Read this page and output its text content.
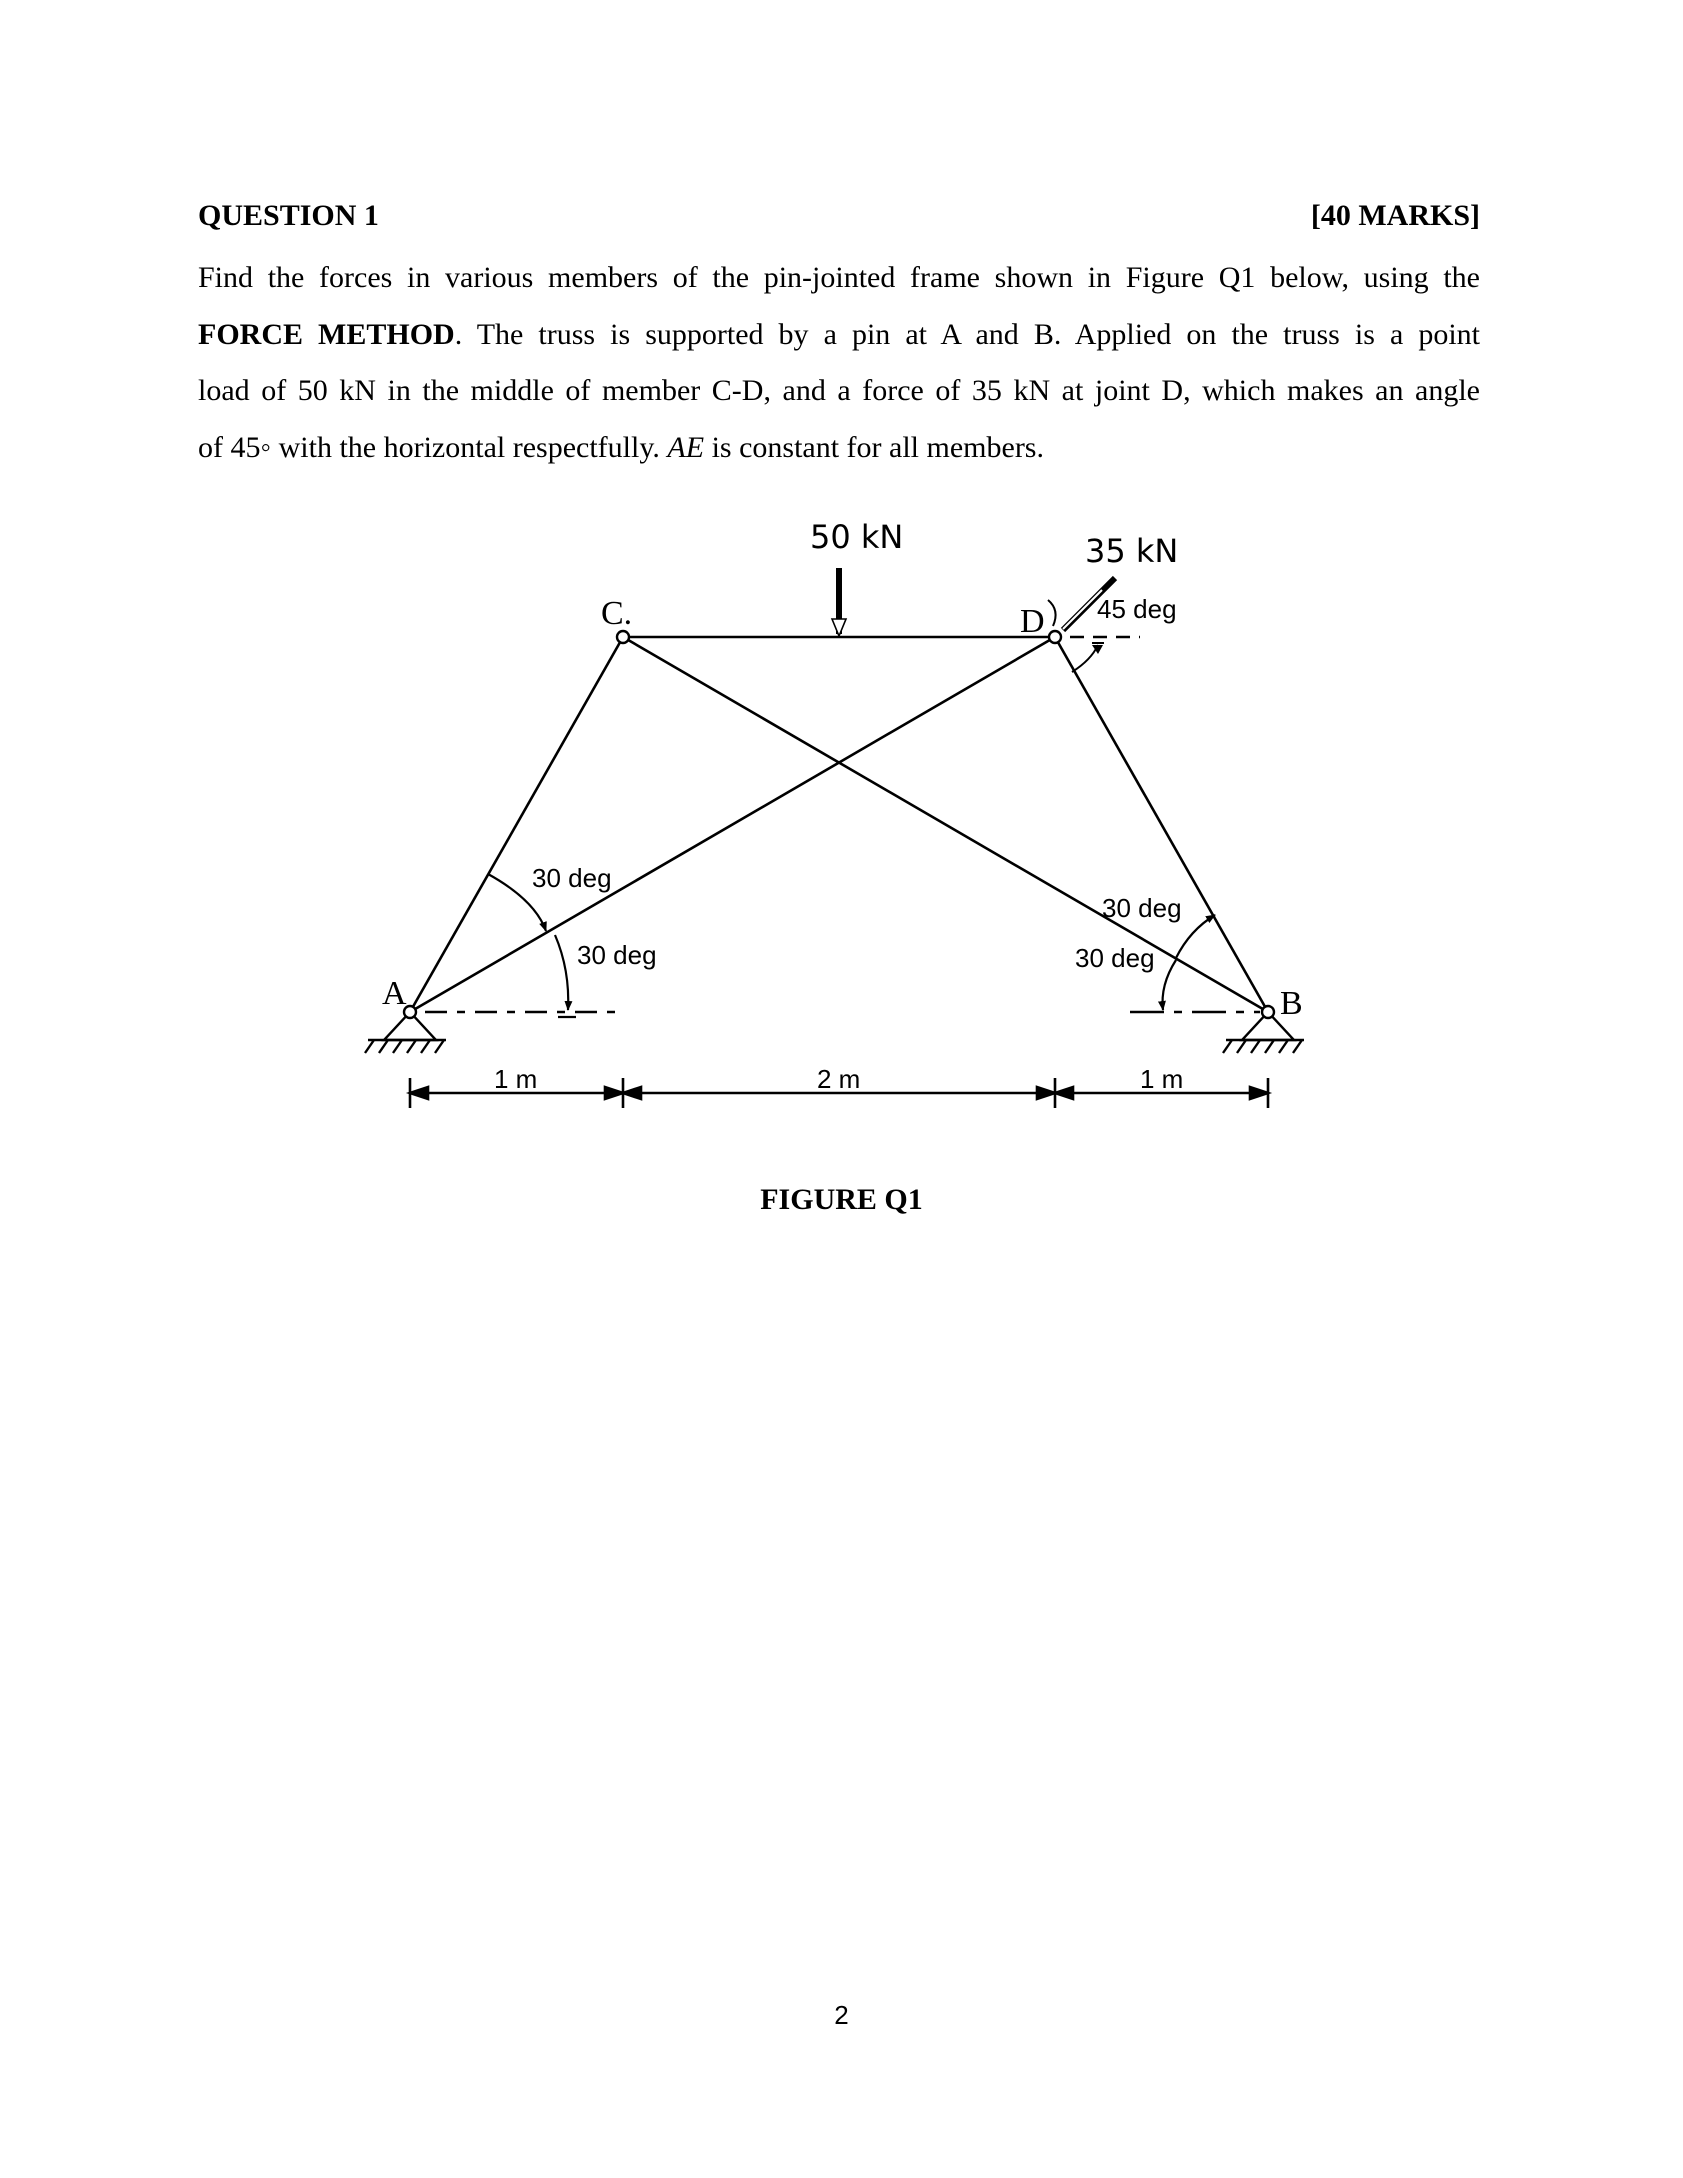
QUESTION 1	[40 MARKS]
Find the forces in various members of the pin-jointed frame shown in Figure Q1 below, using the
FORCE METHOD. The truss is supported by a pin at A and B. Applied on the truss is a point
load of 50 kN in the middle of member C-D, and a force of 35 kN at joint D, which makes an angle
of 45◦ with the horizontal respectfully. AE is constant for all members.
A	B
C.	D
50 kN	35 kN
45 deg
30 deg
30 deg
30 deg
30 deg
1 m	2 m	1 m
FIGURE Q1
2
